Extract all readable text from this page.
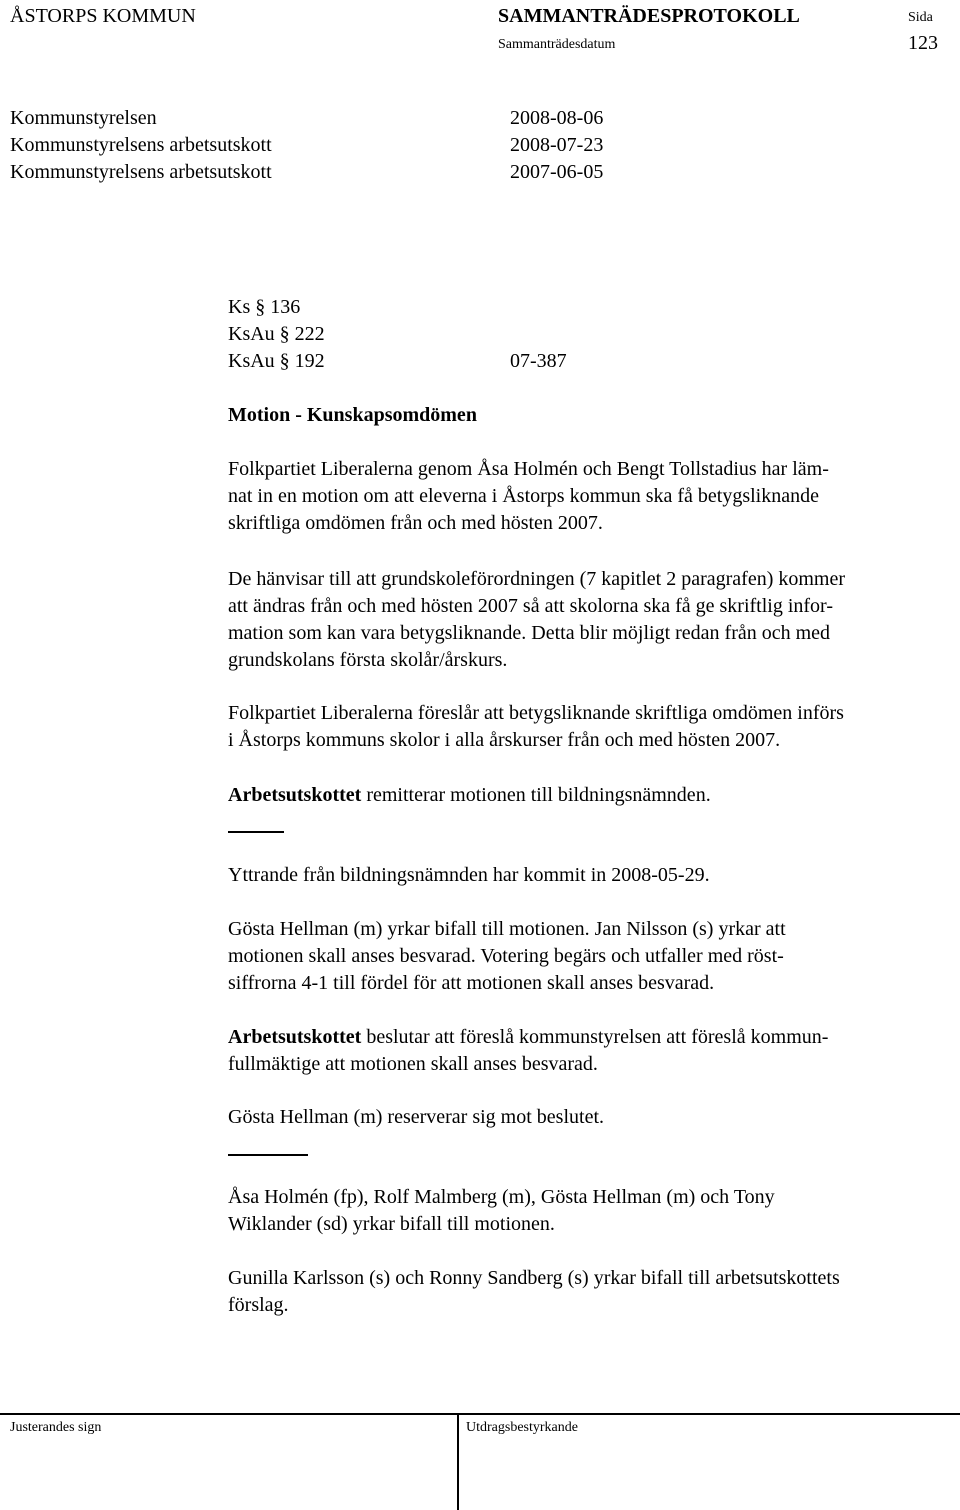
ÅSTORPS KOMMUN	SAMMANTRÄDESPROTOKOLL	Sida
Sammanträdesdatum	123
Kommunstyrelsen	2008-08-06
Kommunstyrelsens arbetsutskott	2008-07-23
Kommunstyrelsens arbetsutskott	2007-06-05
Ks § 136
KsAu § 222
KsAu § 192	07-387
Motion - Kunskapsomdömen
Folkpartiet Liberalerna genom Åsa Holmén och Bengt Tollstadius har läm-
nat in en motion om att eleverna i Åstorps kommun ska få betygsliknande
skriftliga omdömen från och med hösten 2007.
De hänvisar till att grundskoleförordningen (7 kapitlet 2 paragrafen) kommer
att ändras från och med hösten 2007 så att skolorna ska få ge skriftlig infor-
mation som kan vara betygsliknande. Detta blir möjligt redan från och med
grundskolans första skolår/årskurs.
Folkpartiet Liberalerna föreslår att betygsliknande skriftliga omdömen införs
i Åstorps kommuns skolor i alla årskurser från och med hösten 2007.
Arbetsutskottet remitterar motionen till bildningsnämnden.
Yttrande från bildningsnämnden har kommit in 2008-05-29.
Gösta Hellman (m) yrkar bifall till motionen. Jan Nilsson (s) yrkar att
motionen skall anses besvarad. Votering begärs och utfaller med röst-
siffrorna 4-1 till fördel för att motionen skall anses besvarad.
Arbetsutskottet beslutar att föreslå kommunstyrelsen att föreslå kommun-
fullmäktige att motionen skall anses besvarad.
Gösta Hellman (m) reserverar sig mot beslutet.
Åsa Holmén (fp), Rolf Malmberg (m), Gösta Hellman (m) och Tony
Wiklander (sd) yrkar bifall till motionen.
Gunilla Karlsson (s) och Ronny Sandberg (s) yrkar bifall till arbetsutskottets
förslag.
Justerandes sign	Utdragsbestyrkande
